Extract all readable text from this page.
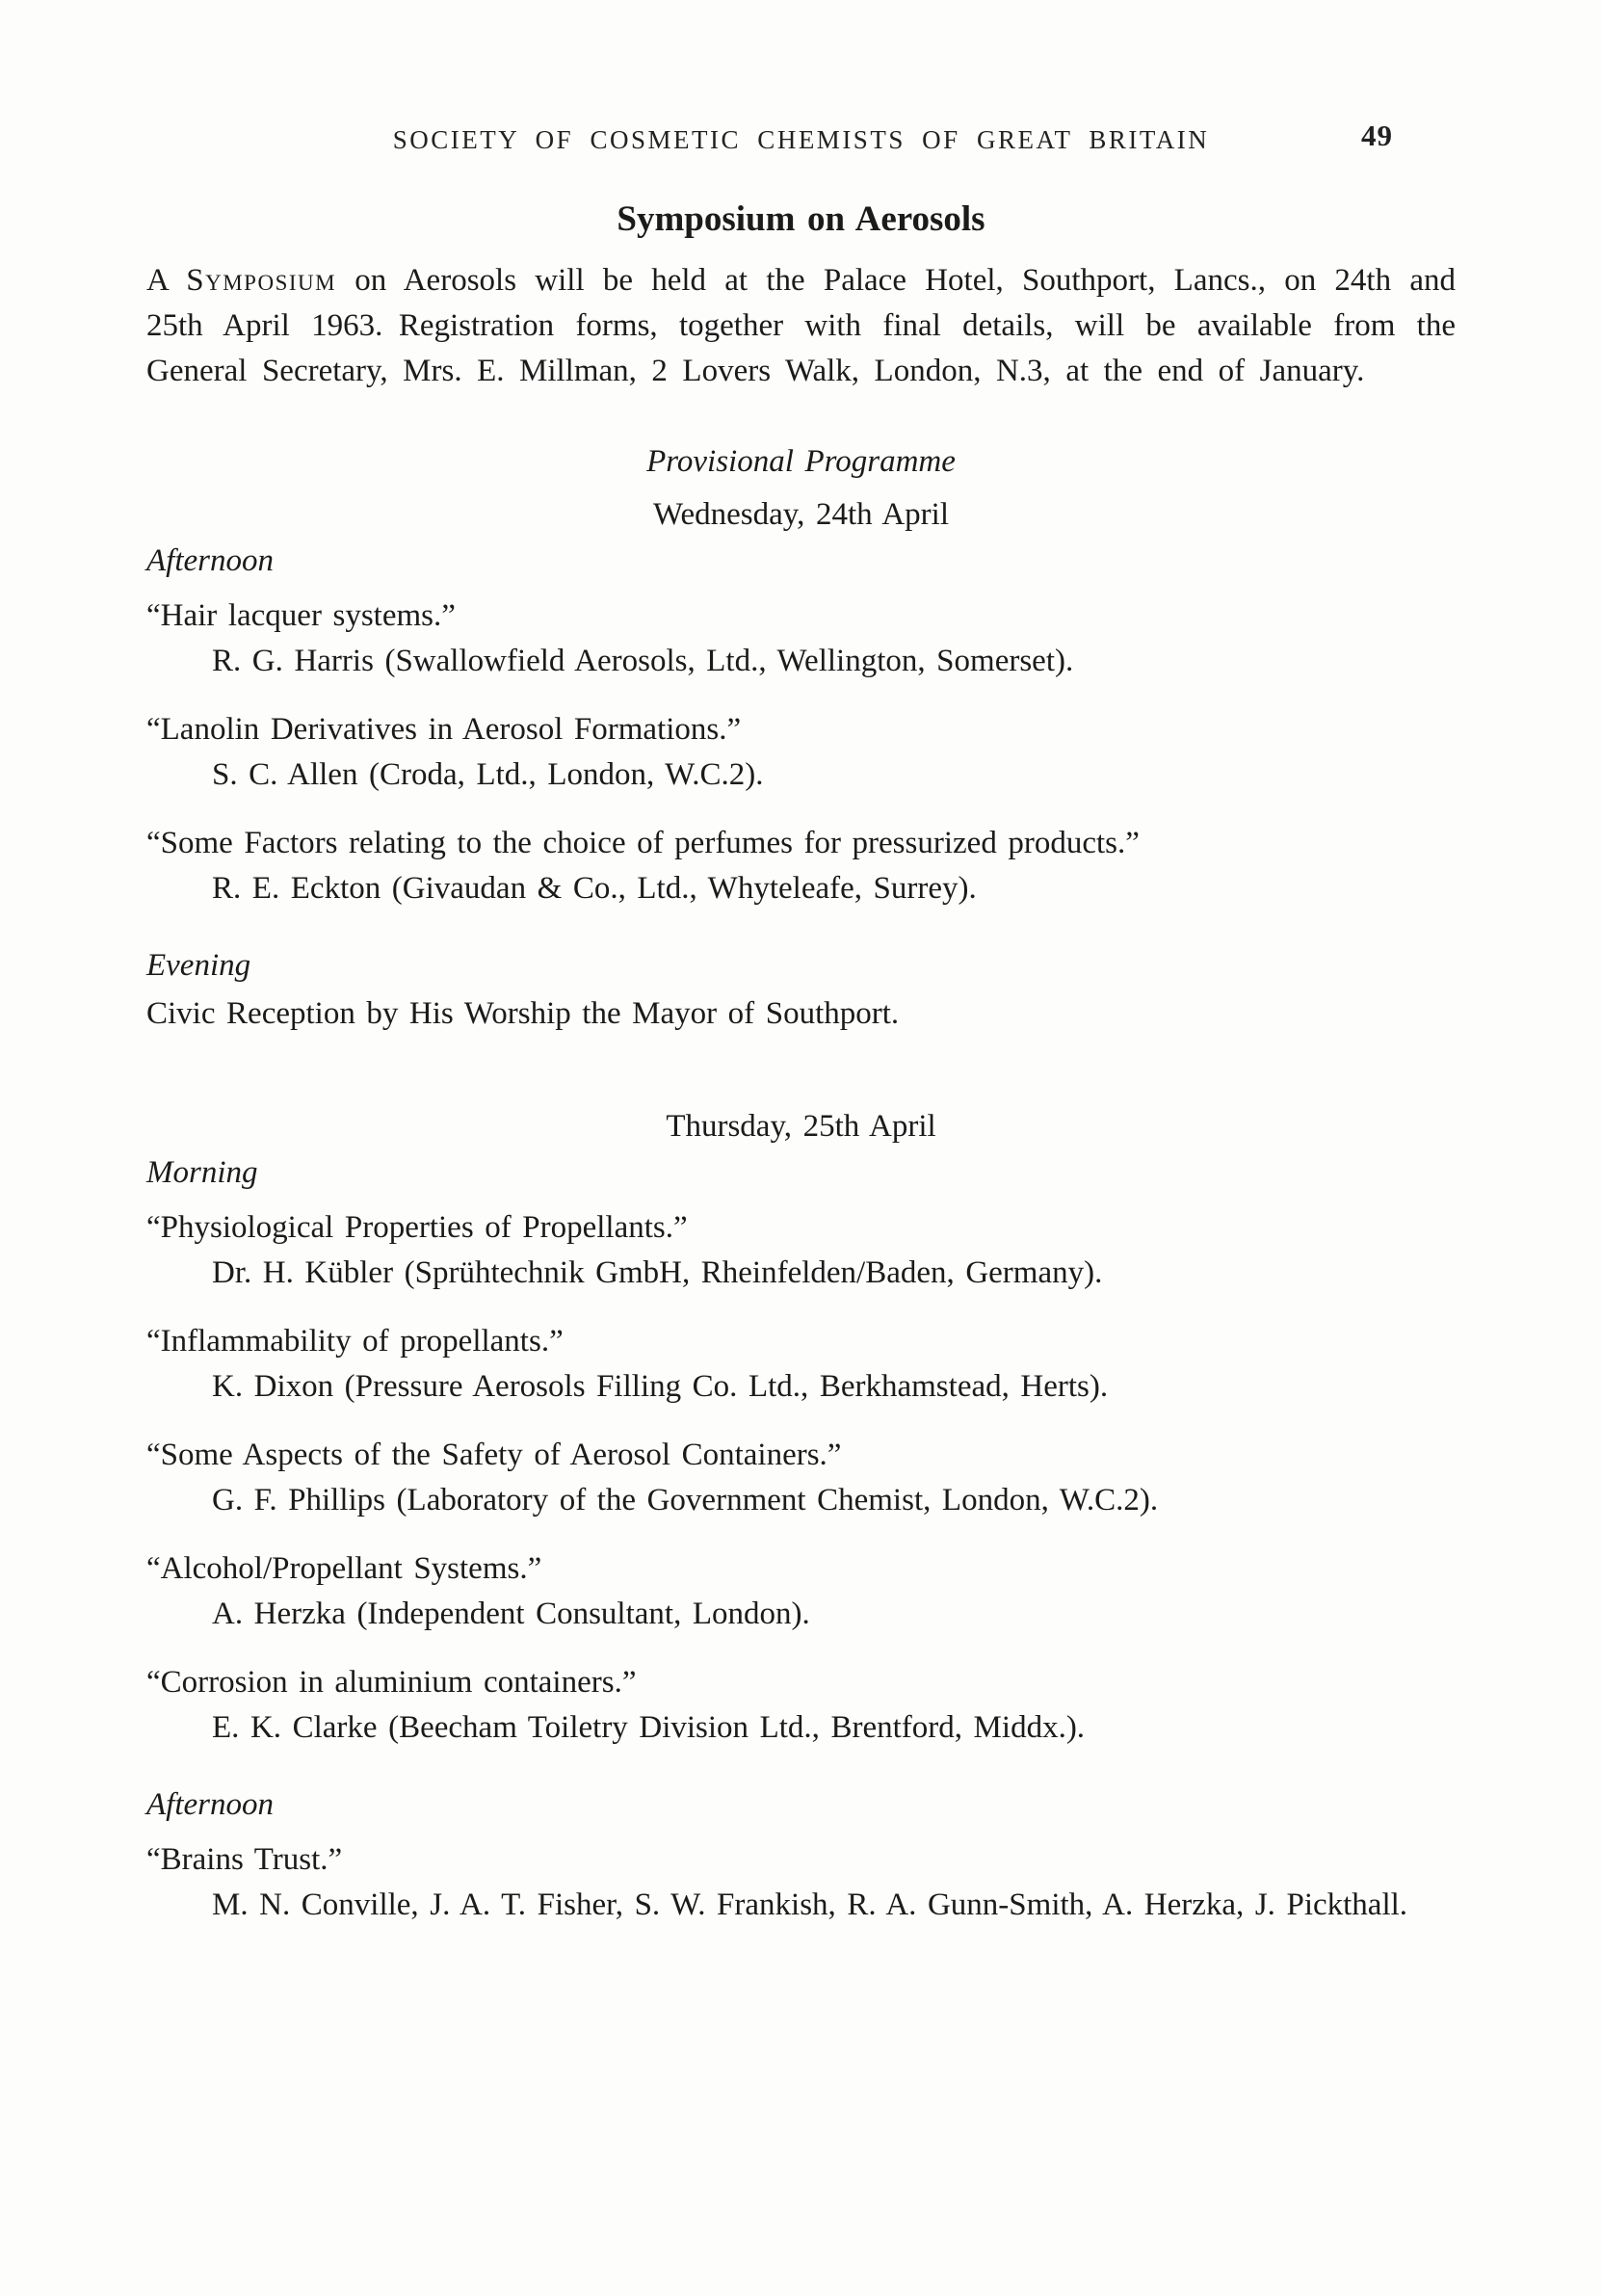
SOCIETY OF COSMETIC CHEMISTS OF GREAT BRITAIN	49
Symposium on Aerosols

A Symposium on Aerosols will be held at the Palace Hotel, Southport, Lancs., on 24th and 25th April 1963. Registration forms, together with final details, will be available from the General Secretary, Mrs. E. Millman, 2 Lovers Walk, London, N.3, at the end of January.

Provisional Programme

Wednesday, 24th April

Afternoon

“Hair lacquer systems.”

R. G. Harris (Swallowfield Aerosols, Ltd., Wellington, Somerset).

“Lanolin Derivatives in Aerosol Formations.”

S. C. Allen (Croda, Ltd., London, W.C.2).

“Some Factors relating to the choice of perfumes for pressurized products.”

R. E. Eckton (Givaudan & Co., Ltd., Whyteleafe, Surrey).

Evening

Civic Reception by His Worship the Mayor of Southport.

Thursday, 25th April

Morning

“Physiological Properties of Propellants.”

Dr. H. Kübler (Sprühtechnik GmbH, Rheinfelden/Baden, Germany).

“Inflammability of propellants.”

K. Dixon (Pressure Aerosols Filling Co. Ltd., Berkhamstead, Herts).

“Some Aspects of the Safety of Aerosol Containers.”

G. F. Phillips (Laboratory of the Government Chemist, London, W.C.2).

“Alcohol/Propellant Systems.”

A. Herzka (Independent Consultant, London).

“Corrosion in aluminium containers.”

E. K. Clarke (Beecham Toiletry Division Ltd., Brentford, Middx.).

Afternoon

“Brains Trust.”

M. N. Conville, J. A. T. Fisher, S. W. Frankish, R. A. Gunn-Smith, A. Herzka, J. Pickthall.
